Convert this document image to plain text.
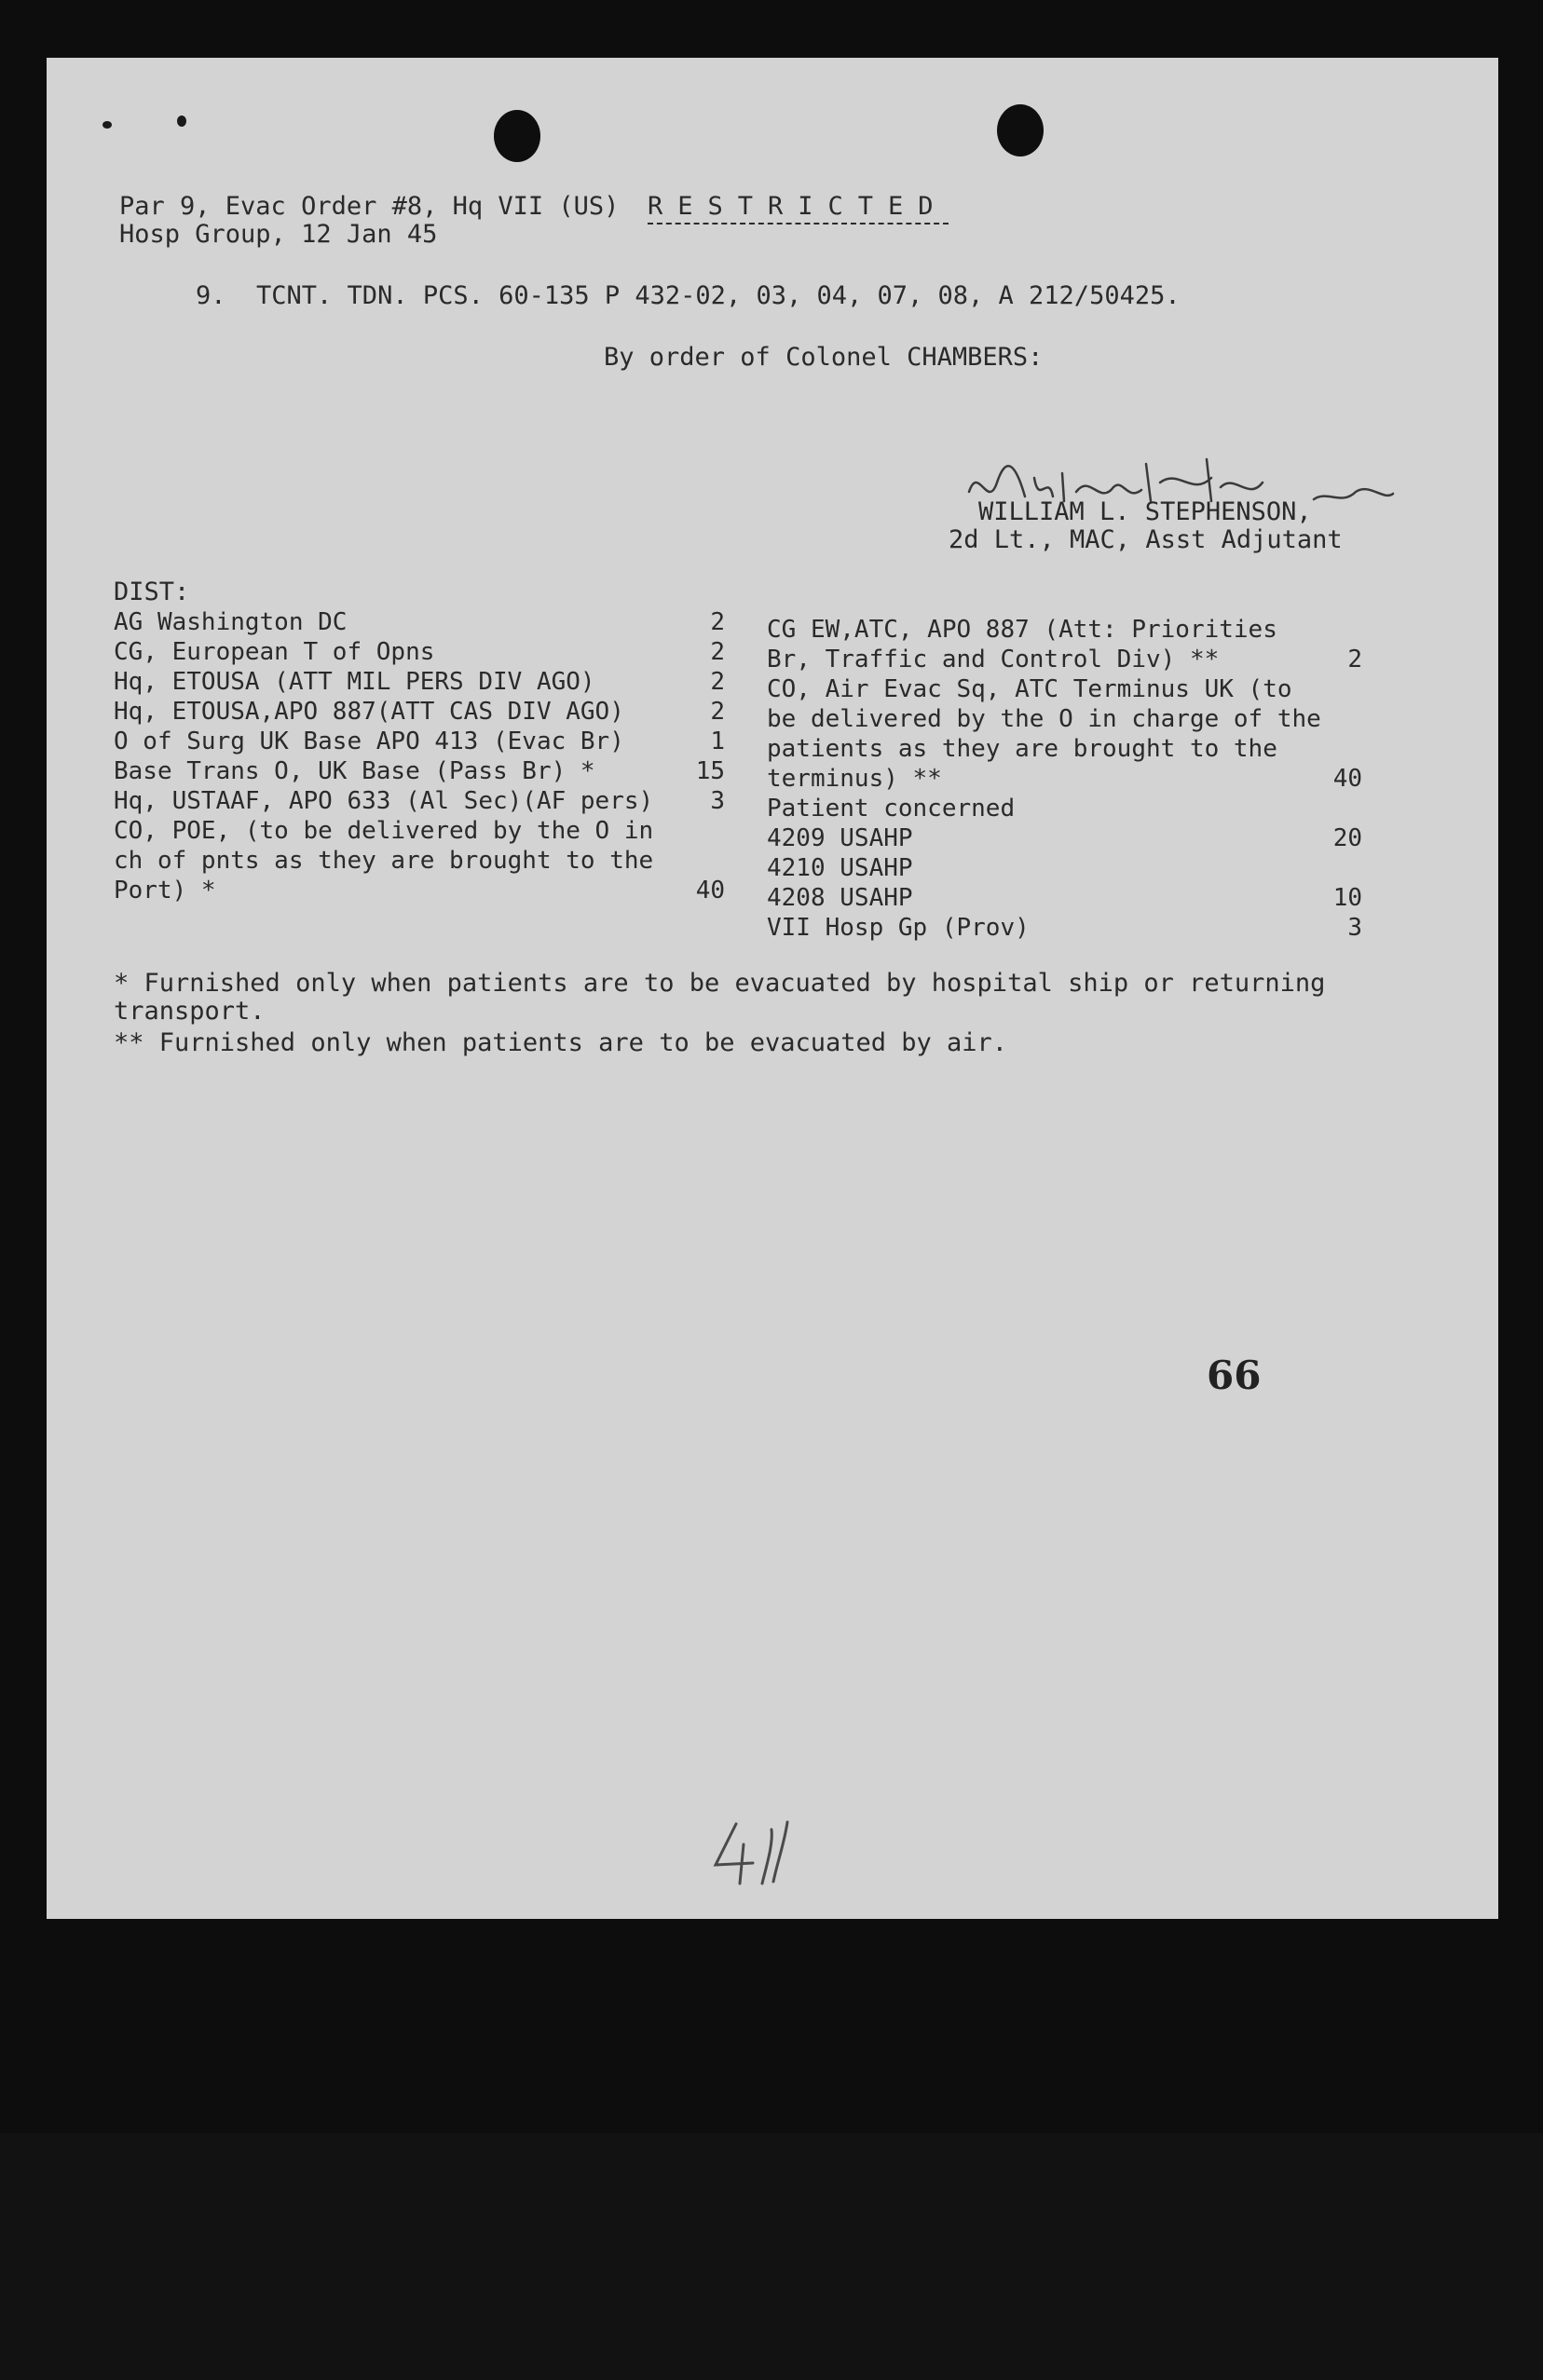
Par 9, Evac Order #8, Hq VII (US) RESTRICTED
Hosp Group, 12 Jan 45
9.  TCNT. TDN. PCS. 60-135 P 432-02, 03, 04, 07, 08, A 212/50425.
By order of Colonel CHAMBERS:
WILLIAM L. STEPHENSON,
2d Lt., MAC, Asst Adjutant
DIST:
AG Washington DC	2
CG, European T of Opns	2
Hq, ETOUSA (ATT MIL PERS DIV AGO)	2
Hq, ETOUSA,APO 887(ATT CAS DIV AGO)	2
O of Surg UK Base APO 413 (Evac Br)	1
Base Trans O, UK Base (Pass Br) *	15
Hq, USTAAF, APO 633 (Al Sec)(AF pers)	3
CO, POE, (to be delivered by the O in
ch of pnts as they are brought to the
Port) *	40
CG EW,ATC, APO 887 (Att: Priorities
Br, Traffic and Control Div) **	2
CO, Air Evac Sq, ATC Terminus UK (to
be delivered by the O in charge of the
patients as they are brought to the
terminus) **	40
Patient concerned
4209 USAHP	20
4210 USAHP
4208 USAHP	10
VII Hosp Gp (Prov)	3
* Furnished only when patients are to be evacuated by hospital ship or returning
transport.
** Furnished only when patients are to be evacuated by air.
66
